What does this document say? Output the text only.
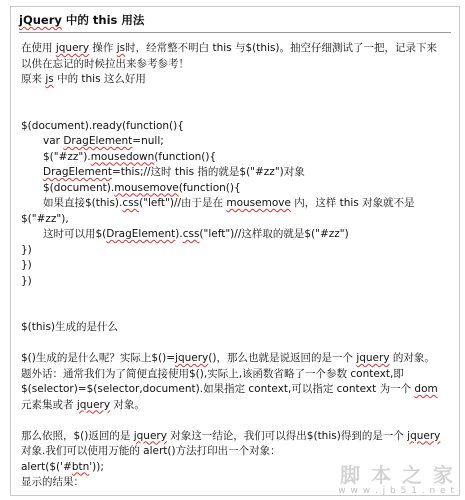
jQuery 中的 this 用法
在使用 jquery 操作 js时，经常整不明白 this 与$(this)。抽空仔细测试了一把，记录下来
以供在忘记的时候拉出来参考参考！
原来 js 中的 this 这么好用
$(document).ready(function(){
var DragElement=null;
$("#zz").mousedown(function(){
DragElement=this;//这时 this 指的就是$("#zz")对象
$(document).mousemove(function(){
如果直接$(this).css("left")//由于是在 mousemove 内，这样 this 对象就不是
$("#zz"),
这时可以用$(DragElement).css("left")//这样取的就是$("#zz")
})
})
})
$(this)生成的是什么
$()生成的是什么呢？实际上$()=jquery()，那么也就是说返回的是一个 jquery 的对象。
题外话：通常我们为了简便直接使用$(),实际上,该函数省略了一个参数 context,即
$(selector)=$(selector,document).如果指定 context,可以指定 context 为一个 dom
元素集或者 jquery 对象。
那么依照，$()返回的是 jquery 对象这一结论，我们可以得出$(this)得到的是一个 jquery
对象.我们可以使用万能的 alert()方法打印出一个对象：
alert($('#btn'));
显示的结果：	脚 本 之 家
w w w . j b 5 1 . n e t
